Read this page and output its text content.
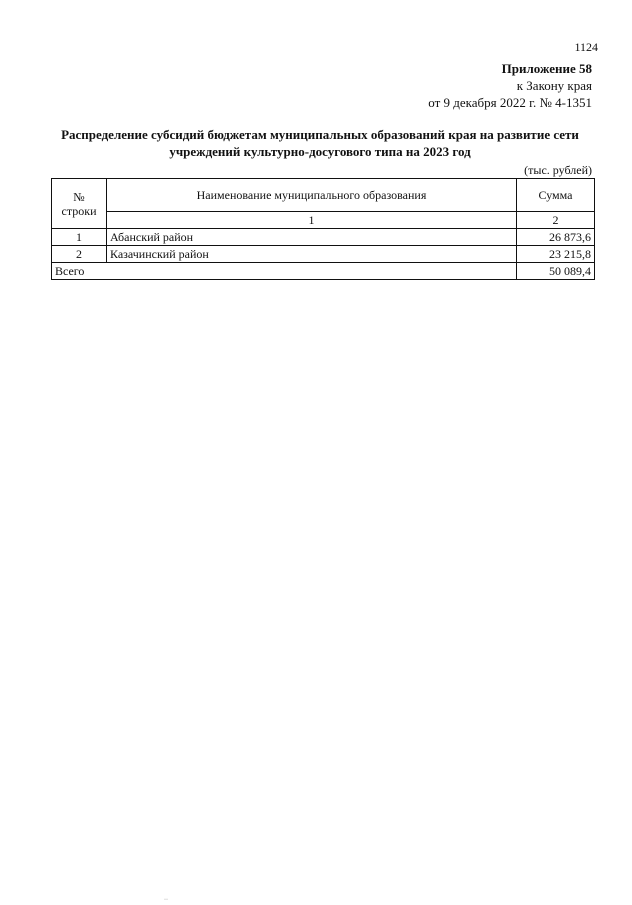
1124
Приложение 58
к Закону края
от 9 декабря 2022 г. № 4-1351
Распределение субсидий бюджетам муниципальных образований края на развитие сети
учреждений культурно-досугового типа на 2023 год
(тыс. рублей)
№
строки	Наименование муниципального образования	Сумма
	1	2
1	Абанский район	26 873,6
2	Казачинский район	23 215,8
Всего		50 089,4
··
